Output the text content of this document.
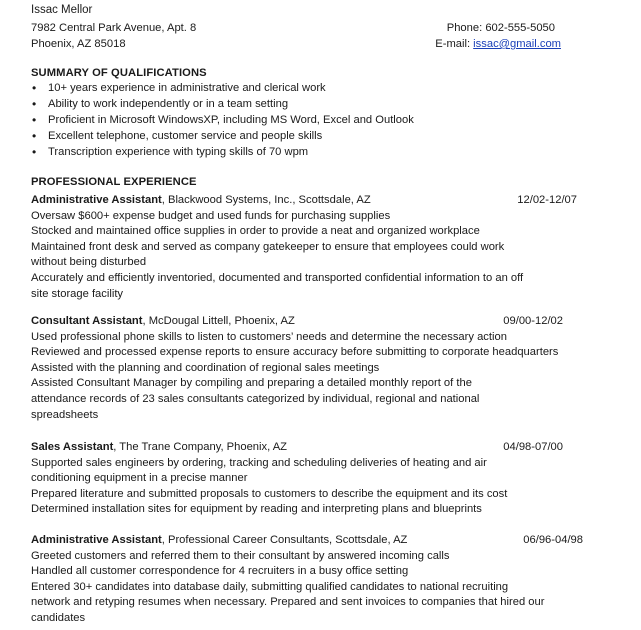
Issac Mellor
7982 Central Park Avenue, Apt. 8	Phone: 602-555-5050
Phoenix, AZ 85018	E-mail: issac@gmail.com
SUMMARY OF QUALIFICATIONS
• 10+ years experience in administrative and clerical work
• Ability to work independently or in a team setting
• Proficient in Microsoft WindowsXP, including MS Word, Excel and Outlook
• Excellent telephone, customer service and people skills
• Transcription experience with typing skills of 70 wpm
PROFESSIONAL EXPERIENCE
Administrative Assistant, Blackwood Systems, Inc., Scottsdale, AZ	12/02-12/07
Oversaw $600+ expense budget and used funds for purchasing supplies
Stocked and maintained office supplies in order to provide a neat and organized workplace
Maintained front desk and served as company gatekeeper to ensure that employees could work
without being disturbed
Accurately and efficiently inventoried, documented and transported confidential information to an off
site storage facility
Consultant Assistant, McDougal Littell, Phoenix, AZ	09/00-12/02
Used professional phone skills to listen to customers’ needs and determine the necessary action
Reviewed and processed expense reports to ensure accuracy before submitting to corporate headquarters
Assisted with the planning and coordination of regional sales meetings
Assisted Consultant Manager by compiling and preparing a detailed monthly report of the
attendance records of 23 sales consultants categorized by individual, regional and national
spreadsheets
Sales Assistant, The Trane Company, Phoenix, AZ	04/98-07/00
Supported sales engineers by ordering, tracking and scheduling deliveries of heating and air
conditioning equipment in a precise manner
Prepared literature and submitted proposals to customers to describe the equipment and its cost
Determined installation sites for equipment by reading and interpreting plans and blueprints
Administrative Assistant, Professional Career Consultants, Scottsdale, AZ	06/96-04/98
Greeted customers and referred them to their consultant by answered incoming calls
Handled all customer correspondence for 4 recruiters in a busy office setting
Entered 30+ candidates into database daily, submitting qualified candidates to national recruiting
network and retyping resumes when necessary. Prepared and sent invoices to companies that hired our
candidates
